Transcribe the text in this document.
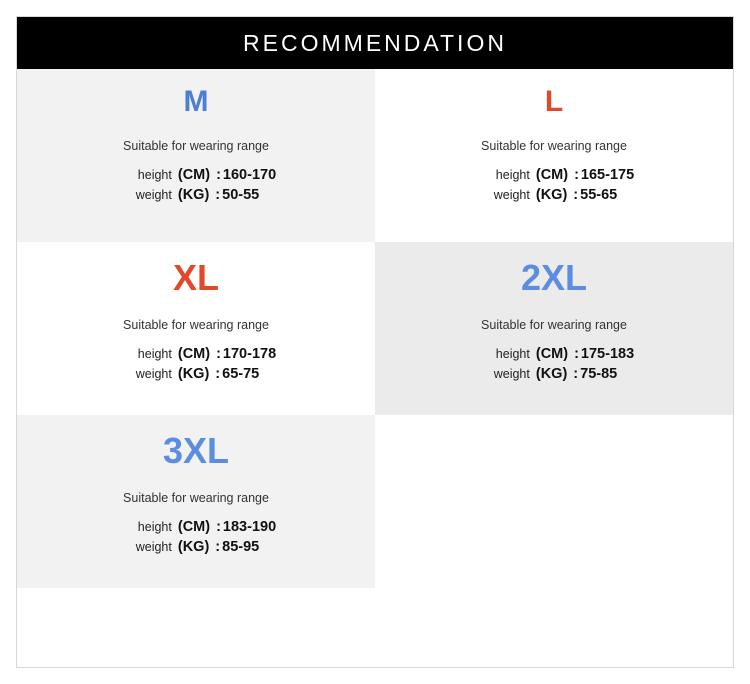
RECOMMENDATION
M
Suitable for wearing range
height (CM) : 160-170
weight (KG) : 50-55
L
Suitable for wearing range
height (CM) : 165-175
weight (KG) : 55-65
XL
Suitable for wearing range
height (CM) : 170-178
weight (KG) : 65-75
2XL
Suitable for wearing range
height (CM) : 175-183
weight (KG) : 75-85
3XL
Suitable for wearing range
height (CM) : 183-190
weight (KG) : 85-95
